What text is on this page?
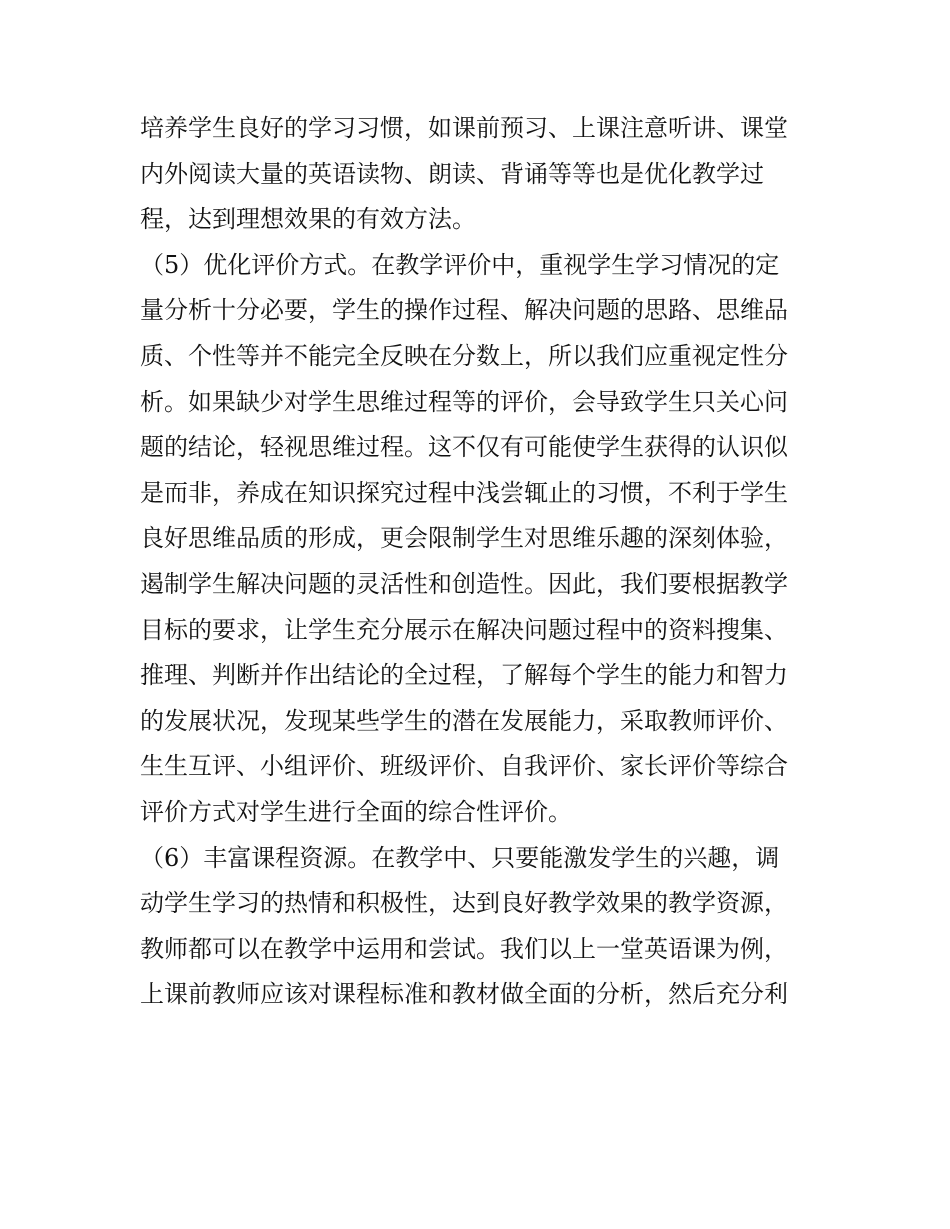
培养学生良好的学习习惯，如课前预习、上课注意听讲、课堂
内外阅读大量的英语读物、朗读、背诵等等也是优化教学过
程，达到理想效果的有效方法。
（5）优化评价方式。在教学评价中，重视学生学习情况的定
量分析十分必要，学生的操作过程、解决问题的思路、思维品
质、个性等并不能完全反映在分数上，所以我们应重视定性分
析。如果缺少对学生思维过程等的评价，会导致学生只关心问
题的结论，轻视思维过程。这不仅有可能使学生获得的认识似
是而非，养成在知识探究过程中浅尝辄止的习惯，不利于学生
良好思维品质的形成，更会限制学生对思维乐趣的深刻体验，
遏制学生解决问题的灵活性和创造性。因此，我们要根据教学
目标的要求，让学生充分展示在解决问题过程中的资料搜集、
推理、判断并作出结论的全过程，了解每个学生的能力和智力
的发展状况，发现某些学生的潜在发展能力，采取教师评价、
生生互评、小组评价、班级评价、自我评价、家长评价等综合
评价方式对学生进行全面的综合性评价。
（6）丰富课程资源。在教学中、只要能激发学生的兴趣，调
动学生学习的热情和积极性，达到良好教学效果的教学资源，
教师都可以在教学中运用和尝试。我们以上一堂英语课为例，
上课前教师应该对课程标准和教材做全面的分析，然后充分利
